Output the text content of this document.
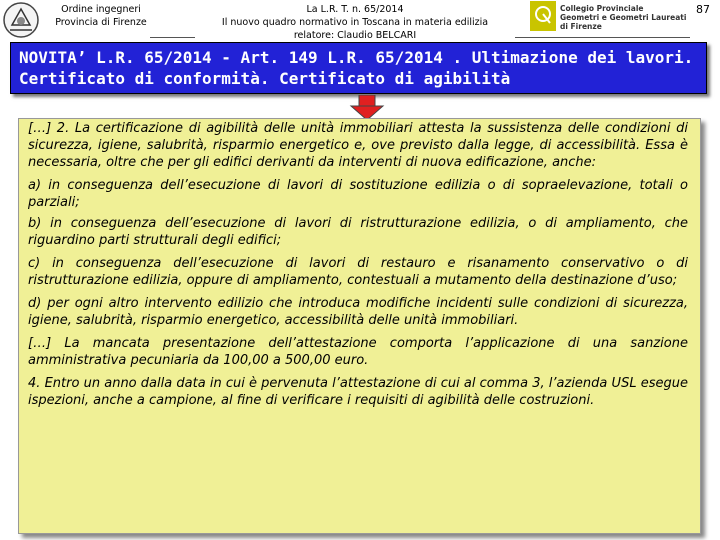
Ordine ingegneri
Provincia di Firenze
La L.R. T. n. 65/2014
Il nuovo quadro normativo in Toscana in materia edilizia
relatore: Claudio BELCARI
Collegio Provinciale
Geometri e Geometri Laureati
di Firenze
87
NOVITA’ L.R. 65/2014 - Art. 149 L.R. 65/2014 . Ultimazione dei lavori.
Certificato di conformità. Certificato di agibilità

[…] 2. La certificazione di agibilità delle unità immobiliari attesta la sussistenza delle condizioni di sicurezza, igiene, salubrità, risparmio energetico e, ove previsto dalla legge, di accessibilità. Essa è necessaria, oltre che per gli edifici derivanti da interventi di nuova edificazione, anche:

a) in conseguenza dell’esecuzione di lavori di sostituzione edilizia o di sopraelevazione, totali o parziali;

b) in conseguenza dell’esecuzione di lavori di ristrutturazione edilizia, o di ampliamento, che riguardino parti strutturali degli edifici;

c) in conseguenza dell’esecuzione di lavori di restauro e risanamento conservativo o di ristrutturazione edilizia, oppure di ampliamento, contestuali a mutamento della destinazione d’uso;

d) per ogni altro intervento edilizio che introduca modifiche incidenti sulle condizioni di sicurezza, igiene, salubrità, risparmio energetico, accessibilità delle unità immobiliari.

[…] La mancata presentazione dell’attestazione comporta l’applicazione di una sanzione amministrativa pecuniaria da 100,00 a 500,00 euro.

4. Entro un anno dalla data in cui è pervenuta l’attestazione di cui al comma 3, l’azienda USL esegue ispezioni, anche a campione, al fine di verificare i requisiti di agibilità delle costruzioni.
